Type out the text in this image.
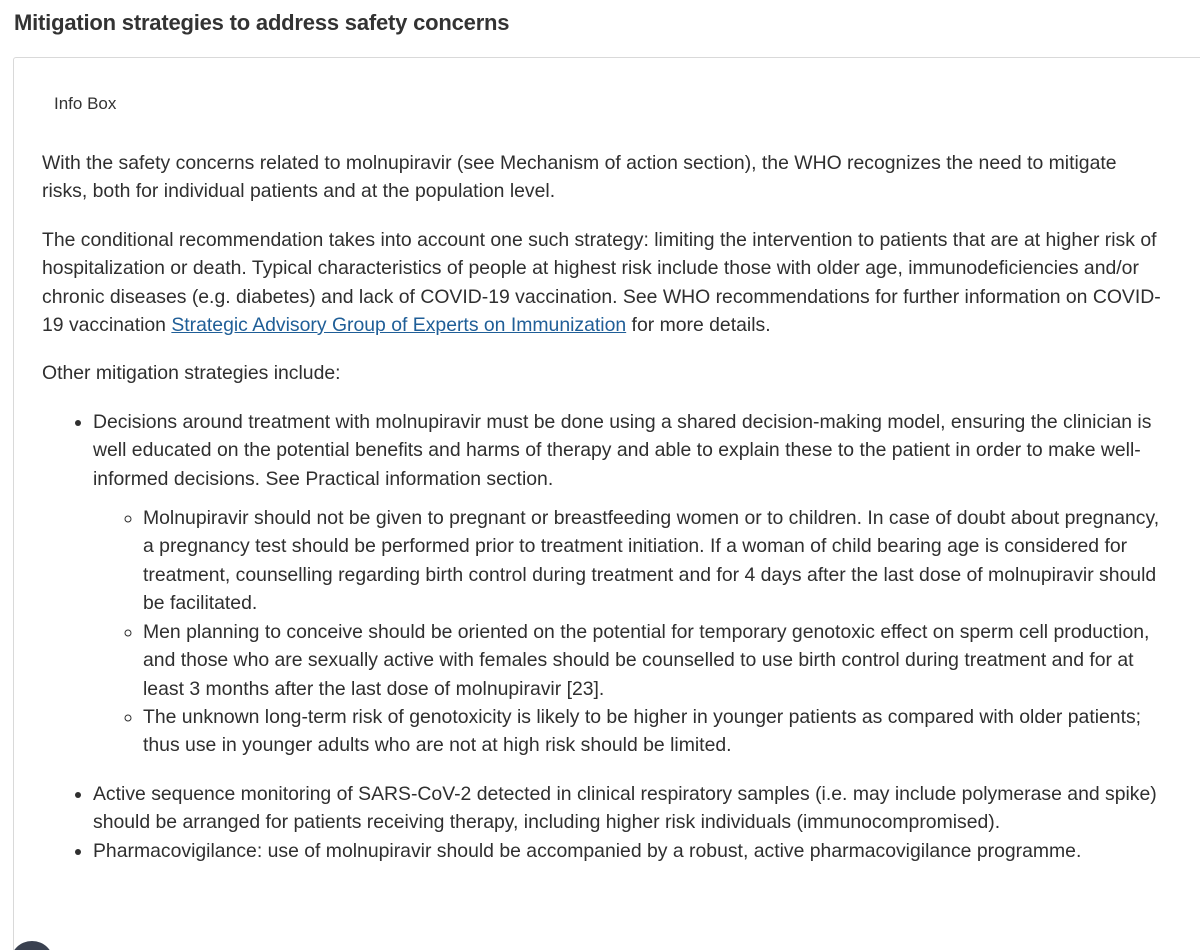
Mitigation strategies to address safety concerns
Info Box

With the safety concerns related to molnupiravir (see Mechanism of action section), the WHO recognizes the need to mitigate risks, both for individual patients and at the population level.

The conditional recommendation takes into account one such strategy: limiting the intervention to patients that are at higher risk of hospitalization or death. Typical characteristics of people at highest risk include those with older age, immunodeficiencies and/or chronic diseases (e.g. diabetes) and lack of COVID-19 vaccination. See WHO recommendations for further information on COVID-19 vaccination Strategic Advisory Group of Experts on Immunization for more details.

Other mitigation strategies include:

• Decisions around treatment with molnupiravir must be done using a shared decision-making model, ensuring the clinician is well educated on the potential benefits and harms of therapy and able to explain these to the patient in order to make well-informed decisions. See Practical information section.
◦ Molnupiravir should not be given to pregnant or breastfeeding women or to children. In case of doubt about pregnancy, a pregnancy test should be performed prior to treatment initiation. If a woman of child bearing age is considered for treatment, counselling regarding birth control during treatment and for 4 days after the last dose of molnupiravir should be facilitated.
◦ Men planning to conceive should be oriented on the potential for temporary genotoxic effect on sperm cell production, and those who are sexually active with females should be counselled to use birth control during treatment and for at least 3 months after the last dose of molnupiravir [23].
◦ The unknown long-term risk of genotoxicity is likely to be higher in younger patients as compared with older patients; thus use in younger adults who are not at high risk should be limited.
• Active sequence monitoring of SARS-CoV-2 detected in clinical respiratory samples (i.e. may include polymerase and spike) should be arranged for patients receiving therapy, including higher risk individuals (immunocompromised).
• Pharmacovigilance: use of molnupiravir should be accompanied by a robust, active pharmacovigilance programme.
